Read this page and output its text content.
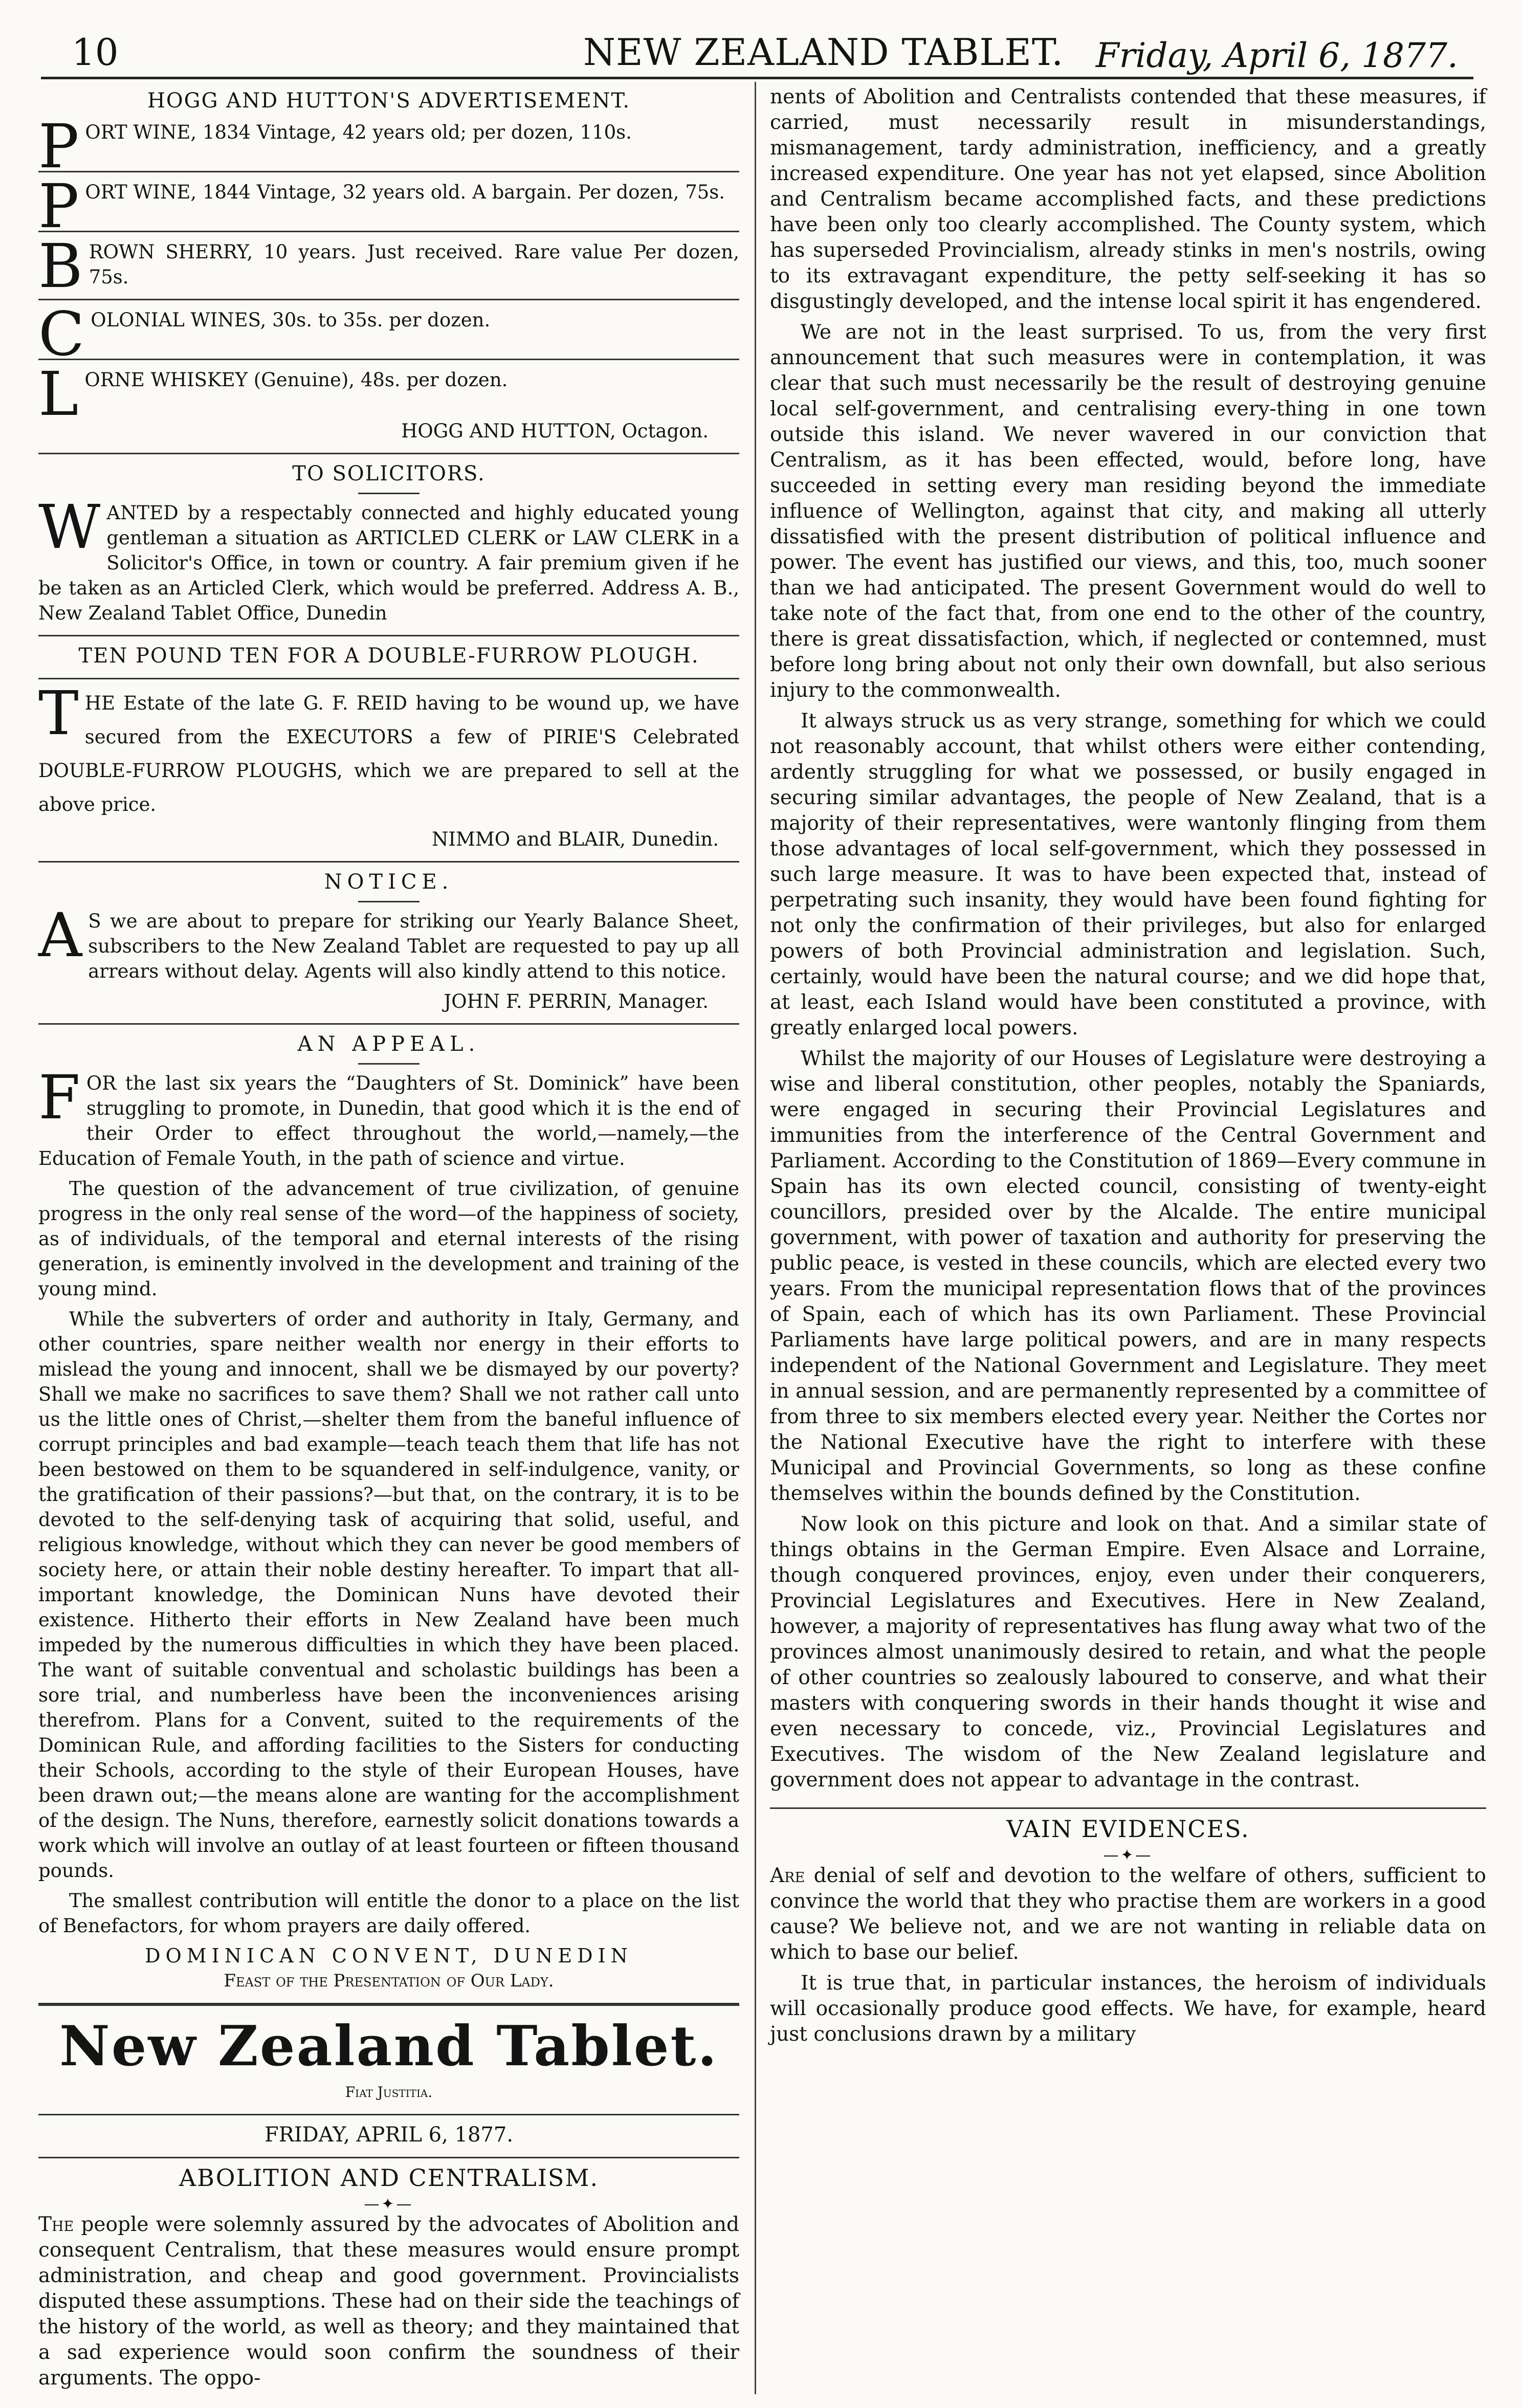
10	NEW ZEALAND TABLET. Friday, April 6, 1877.
HOGG AND HUTTON'S ADVERTISEMENT.

PORT WINE, 1834 Vintage, 42 years old; per dozen, 110s.

PORT WINE, 1844 Vintage, 32 years old. A bargain. Per dozen, 75s.

BROWN SHERRY, 10 years. Just received. Rare value Per dozen, 75s.

COLONIAL WINES, 30s. to 35s. per dozen.

LORNE WHISKEY (Genuine), 48s. per dozen.

HOGG AND HUTTON, Octagon.

TO SOLICITORS.

WANTED by a respectably connected and highly educated young gentleman a situation as ARTICLED CLERK or LAW CLERK in a Solicitor's Office, in town or country. A fair premium given if he be taken as an Articled Clerk, which would be preferred. Address A. B., New Zealand Tablet Office, Dunedin

TEN POUND TEN FOR A DOUBLE-FURROW PLOUGH.

THE Estate of the late G. F. REID having to be wound up, we have secured from the EXECUTORS a few of PIRIE'S Celebrated DOUBLE-FURROW PLOUGHS, which we are prepared to sell at the above price.

NIMMO and BLAIR, Dunedin.

NOTICE.

A S we are about to prepare for striking our Yearly Balance Sheet, subscribers to the New Zealand Tablet are requested to pay up all arrears without delay. Agents will also kindly attend to this notice.

JOHN F. PERRIN, Manager.

AN APPEAL.

FOR the last six years the “Daughters of St. Dominick” have been struggling to promote, in Dunedin, that good which it is the end of their Order to effect throughout the world,—namely,—the Education of Female Youth, in the path of science and virtue.

The question of the advancement of true civilization, of genuine progress in the only real sense of the word—of the happiness of society, as of individuals, of the temporal and eternal interests of the rising generation, is eminently involved in the development and training of the young mind.

While the subverters of order and authority in Italy, Germany, and other countries, spare neither wealth nor energy in their efforts to mislead the young and innocent, shall we be dismayed by our poverty? Shall we make no sacrifices to save them? Shall we not rather call unto us the little ones of Christ,—shelter them from the baneful influence of corrupt principles and bad example—teach teach them that life has not been bestowed on them to be squandered in self-indulgence, vanity, or the gratification of their passions?—but that, on the contrary, it is to be devoted to the self-denying task of acquiring that solid, useful, and religious knowledge, without which they can never be good members of society here, or attain their noble destiny hereafter. To impart that all-important knowledge, the Dominican Nuns have devoted their existence. Hitherto their efforts in New Zealand have been much impeded by the numerous difficulties in which they have been placed. The want of suitable conventual and scholastic buildings has been a sore trial, and numberless have been the inconveniences arising therefrom. Plans for a Convent, suited to the requirements of the Dominican Rule, and affording facilities to the Sisters for conducting their Schools, according to the style of their European Houses, have been drawn out;—the means alone are wanting for the accomplishment of the design. The Nuns, therefore, earnestly solicit donations towards a work which will involve an outlay of at least fourteen or fifteen thousand pounds.

The smallest contribution will entitle the donor to a place on the list of Benefactors, for whom prayers are daily offered.

DOMINICAN CONVENT, DUNEDIN
Feast of the Presentation of Our Lady.
New Zealand Tablet.
Fiat Justitia.
FRIDAY, APRIL 6, 1877.
ABOLITION AND CENTRALISM.
—✦—

The people were solemnly assured by the advocates of Abolition and consequent Centralism, that these measures would ensure prompt administration, and cheap and good government. Provincialists disputed these assumptions. These had on their side the teachings of the history of the world, as well as theory; and they maintained that a sad experience would soon confirm the soundness of their arguments. The oppo-

nents of Abolition and Centralists contended that these measures, if carried, must necessarily result in misunderstandings, mismanagement, tardy administration, inefficiency, and a greatly increased expenditure. One year has not yet elapsed, since Abolition and Centralism became accomplished facts, and these predictions have been only too clearly accomplished. The County system, which has superseded Provincialism, already stinks in men's nostrils, owing to its extravagant expenditure, the petty self-seeking it has so disgustingly developed, and the intense local spirit it has engendered.

We are not in the least surprised. To us, from the very first announcement that such measures were in contemplation, it was clear that such must necessarily be the result of destroying genuine local self-government, and centralising every-thing in one town outside this island. We never wavered in our conviction that Centralism, as it has been effected, would, before long, have succeeded in setting every man residing beyond the immediate influence of Wellington, against that city, and making all utterly dissatisfied with the present distribution of political influence and power. The event has justified our views, and this, too, much sooner than we had anticipated. The present Government would do well to take note of the fact that, from one end to the other of the country, there is great dissatisfaction, which, if neglected or contemned, must before long bring about not only their own downfall, but also serious injury to the commonwealth.

It always struck us as very strange, something for which we could not reasonably account, that whilst others were either contending, ardently struggling for what we possessed, or busily engaged in securing similar advantages, the people of New Zealand, that is a majority of their representatives, were wantonly flinging from them those advantages of local self-government, which they possessed in such large measure. It was to have been expected that, instead of perpetrating such insanity, they would have been found fighting for not only the confirmation of their privileges, but also for enlarged powers of both Provincial administration and legislation. Such, certainly, would have been the natural course; and we did hope that, at least, each Island would have been constituted a province, with greatly enlarged local powers.

Whilst the majority of our Houses of Legislature were destroying a wise and liberal constitution, other peoples, notably the Spaniards, were engaged in securing their Provincial Legislatures and immunities from the interference of the Central Government and Parliament. According to the Constitution of 1869—Every commune in Spain has its own elected council, consisting of twenty-eight councillors, presided over by the Alcalde. The entire municipal government, with power of taxation and authority for preserving the public peace, is vested in these councils, which are elected every two years. From the municipal representation flows that of the provinces of Spain, each of which has its own Parliament. These Provincial Parliaments have large political powers, and are in many respects independent of the National Government and Legislature. They meet in annual session, and are permanently represented by a committee of from three to six members elected every year. Neither the Cortes nor the National Executive have the right to interfere with these Municipal and Provincial Governments, so long as these confine themselves within the bounds defined by the Constitution.

Now look on this picture and look on that. And a similar state of things obtains in the German Empire. Even Alsace and Lorraine, though conquered provinces, enjoy, even under their conquerers, Provincial Legislatures and Executives. Here in New Zealand, however, a majority of representatives has flung away what two of the provinces almost unanimously desired to retain, and what the people of other countries so zealously laboured to conserve, and what their masters with conquering swords in their hands thought it wise and even necessary to concede, viz., Provincial Legislatures and Executives. The wisdom of the New Zealand legislature and government does not appear to advantage in the contrast.

VAIN EVIDENCES.
—✦—

Are denial of self and devotion to the welfare of others, sufficient to convince the world that they who practise them are workers in a good cause? We believe not, and we are not wanting in reliable data on which to base our belief.

It is true that, in particular instances, the heroism of individuals will occasionally produce good effects. We have, for example, heard just conclusions drawn by a military
